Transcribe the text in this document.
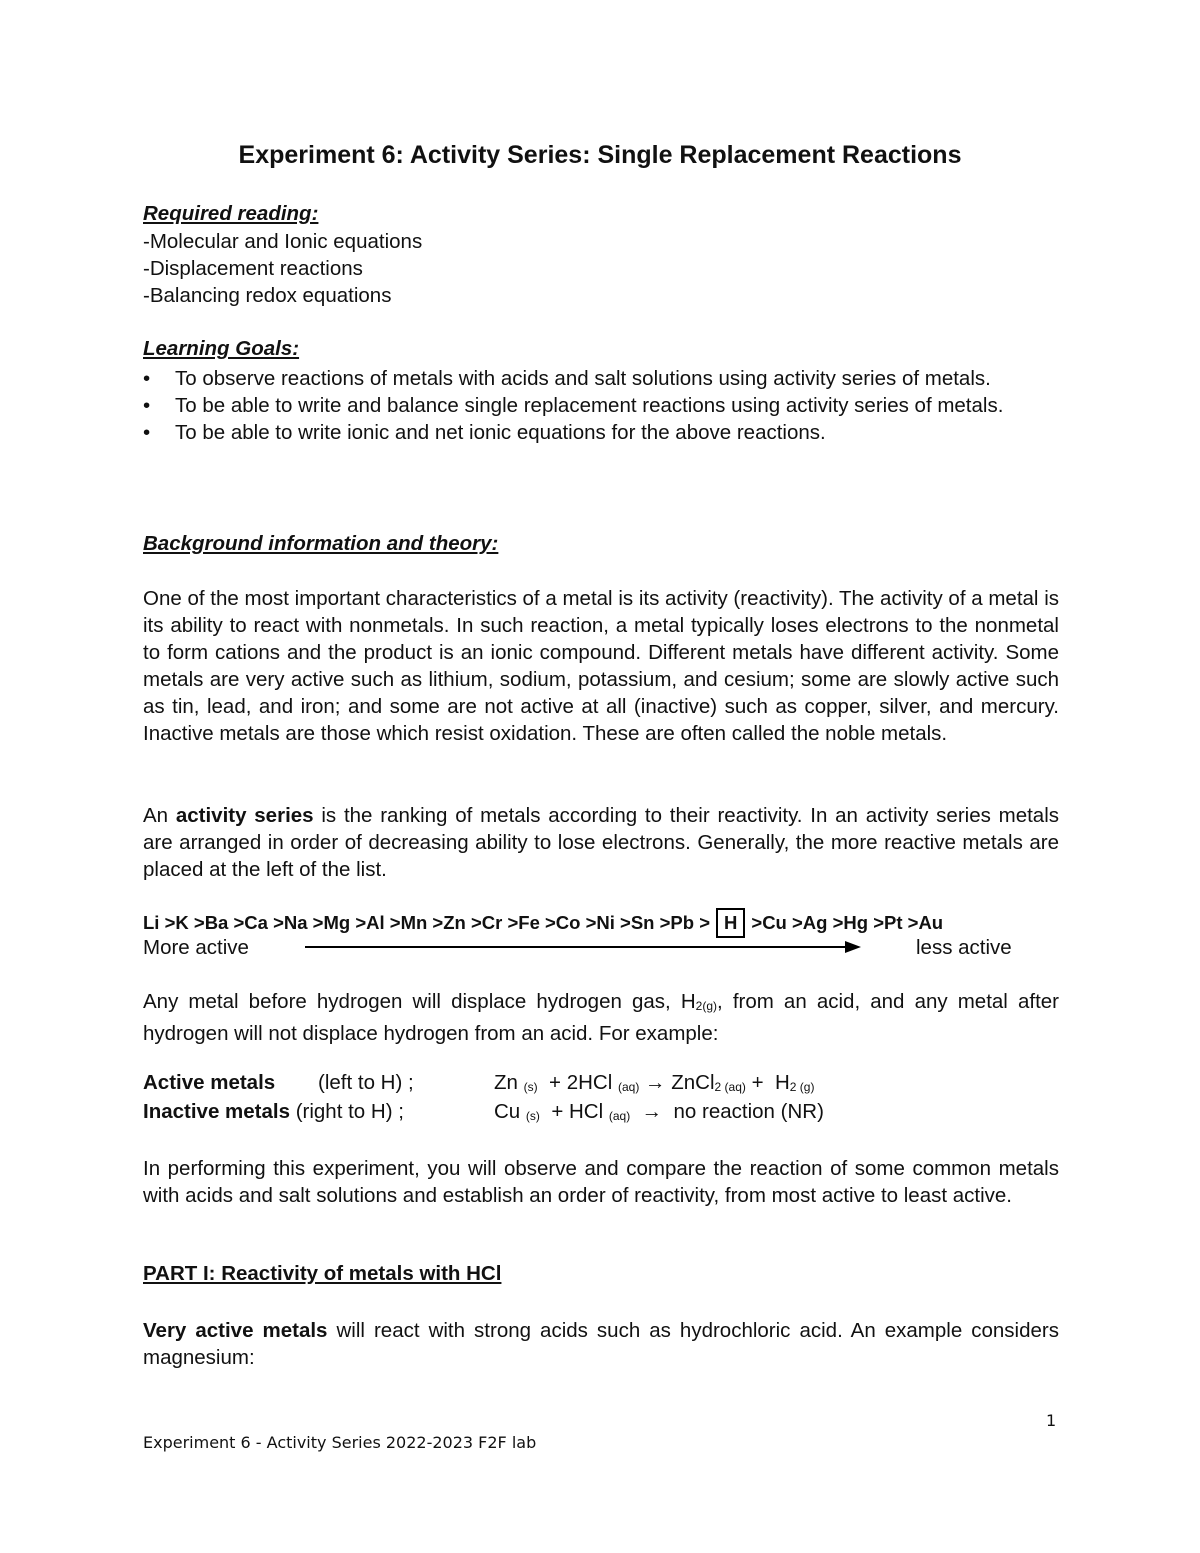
Experiment 6: Activity Series: Single Replacement Reactions
Required reading:
-Molecular and Ionic equations
-Displacement reactions
-Balancing redox equations
Learning Goals:
• To observe reactions of metals with acids and salt solutions using activity series of metals.
• To be able to write and balance single replacement reactions using activity series of metals.
• To be able to write ionic and net ionic equations for the above reactions.
Background information and theory:
One of the most important characteristics of a metal is its activity (reactivity). The activity of a metal is its ability to react with nonmetals. In such reaction, a metal typically loses electrons to the nonmetal to form cations and the product is an ionic compound. Different metals have different activity. Some metals are very active such as lithium, sodium, potassium, and cesium; some are slowly active such as tin, lead, and iron; and some are not active at all (inactive) such as copper, silver, and mercury. Inactive metals are those which resist oxidation. These are often called the noble metals.
An activity series is the ranking of metals according to their reactivity. In an activity series metals are arranged in order of decreasing ability to lose electrons. Generally, the more reactive metals are placed at the left of the list.
Li >K >Ba >Ca >Na >Mg >Al >Mn >Zn >Cr >Fe >Co >Ni >Sn >Pb > H >Cu >Ag >Hg >Pt >Au
More active	less active
Any metal before hydrogen will displace hydrogen gas, $H_{2(g)}$, from an acid, and any metal after hydrogen will not displace hydrogen from an acid. For example:
Active metals (left to H) ;	Zn $_{(s)}$ + 2HCl $_{(aq)}$ → ZnCl$_{2 (aq)}$ + $H_{2 (g)}$
Inactive metals (right to H) ;	Cu $_{(s)}$ + HCl $_{(aq)}$ → no reaction (NR)
In performing this experiment, you will observe and compare the reaction of some common metals with acids and salt solutions and establish an order of reactivity, from most active to least active.
PART I: Reactivity of metals with HCl
Very active metals will react with strong acids such as hydrochloric acid. An example considers magnesium:
1
Experiment 6 - Activity Series 2022-2023 F2F lab
